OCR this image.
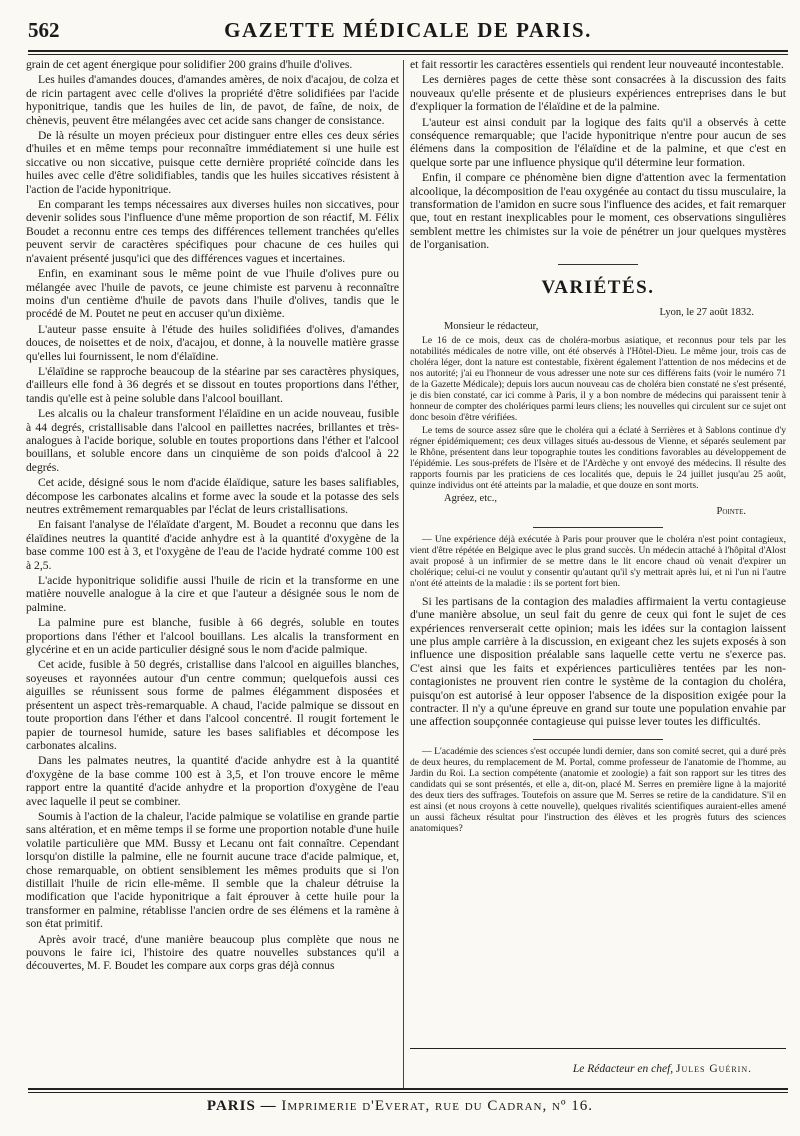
562	GAZETTE MÉDICALE DE PARIS.

grain de cet agent énergique pour solidifier 200 grains d'huile d'olives.

Les huiles d'amandes douces, d'amandes amères, de noix d'acajou, de colza et de ricin partagent avec celle d'olives la propriété d'être solidifiées par l'acide hyponitrique, tandis que les huiles de lin, de pavot, de faîne, de noix, de chènevis, peuvent être mélangées avec cet acide sans changer de consistance.

De là résulte un moyen précieux pour distinguer entre elles ces deux séries d'huiles et en même temps pour reconnaître immédiatement si une huile est siccative ou non siccative, puisque cette dernière propriété coïncide dans les huiles avec celle d'être solidifiables, tandis que les huiles siccatives résistent à l'action de l'acide hyponitrique.

En comparant les temps nécessaires aux diverses huiles non siccatives, pour devenir solides sous l'influence d'une même proportion de son réactif, M. Félix Boudet a reconnu entre ces temps des différences tellement tranchées qu'elles peuvent servir de caractères spécifiques pour chacune de ces huiles qui n'avaient présenté jusqu'ici que des différences vagues et incertaines.

Enfin, en examinant sous le même point de vue l'huile d'olives pure ou mélangée avec l'huile de pavots, ce jeune chimiste est parvenu à reconnaître moins d'un centième d'huile de pavots dans l'huile d'olives, tandis que le procédé de M. Poutet ne peut en accuser qu'un dixième.

L'auteur passe ensuite à l'étude des huiles solidifiées d'olives, d'amandes douces, de noisettes et de noix, d'acajou, et donne, à la nouvelle matière grasse qu'elles lui fournissent, le nom d'élaïdine.

L'élaïdine se rapproche beaucoup de la stéarine par ses caractères physiques, d'ailleurs elle fond à 36 degrés et se dissout en toutes proportions dans l'éther, tandis qu'elle est à peine soluble dans l'alcool bouillant.

Les alcalis ou la chaleur transforment l'élaïdine en un acide nouveau, fusible à 44 degrés, cristallisable dans l'alcool en paillettes nacrées, brillantes et très-analogues à l'acide borique, soluble en toutes proportions dans l'éther et l'alcool bouillans, et soluble encore dans un cinquième de son poids d'alcool à 22 degrés.

Cet acide, désigné sous le nom d'acide élaïdique, sature les bases salifiables, décompose les carbonates alcalins et forme avec la soude et la potasse des sels neutres extrêmement remarquables par l'éclat de leurs cristallisations.

En faisant l'analyse de l'élaïdate d'argent, M. Boudet a reconnu que dans les élaïdines neutres la quantité d'acide anhydre est à la quantité d'oxygène de la base comme 100 est à 3, et l'oxygène de l'eau de l'acide hydraté comme 100 est à 2,5.

L'acide hyponitrique solidifie aussi l'huile de ricin et la transforme en une matière nouvelle analogue à la cire et que l'auteur a désignée sous le nom de palmine.

La palmine pure est blanche, fusible à 66 degrés, soluble en toutes proportions dans l'éther et l'alcool bouillans. Les alcalis la transforment en glycérine et en un acide particulier désigné sous le nom d'acide palmique.

Cet acide, fusible à 50 degrés, cristallise dans l'alcool en aiguilles blanches, soyeuses et rayonnées autour d'un centre commun; quelquefois aussi ces aiguilles se réunissent sous forme de palmes élégamment disposées et présentent un aspect très-remarquable. A chaud, l'acide palmique se dissout en toute proportion dans l'éther et dans l'alcool concentré. Il rougit fortement le papier de tournesol humide, sature les bases salifiables et décompose les carbonates alcalins.

Dans les palmates neutres, la quantité d'acide anhydre est à la quantité d'oxygène de la base comme 100 est à 3,5, et l'on trouve encore le même rapport entre la quantité d'acide anhydre et la proportion d'oxygène de l'eau avec laquelle il peut se combiner.

Soumis à l'action de la chaleur, l'acide palmique se volatilise en grande partie sans altération, et en même temps il se forme une proportion notable d'une huile volatile particulière que MM. Bussy et Lecanu ont fait connaître. Cependant lorsqu'on distille la palmine, elle ne fournit aucune trace d'acide palmique, et, chose remarquable, on obtient sensiblement les mêmes produits que si l'on distillait l'huile de ricin elle-même. Il semble que la chaleur détruise la modification que l'acide hyponitrique a fait éprouver à cette huile pour la transformer en palmine, rétablisse l'ancien ordre de ses élémens et la ramène à son état primitif.

Après avoir tracé, d'une manière beaucoup plus complète que nous ne pouvons le faire ici, l'histoire des quatre nouvelles substances qu'il a découvertes, M. F. Boudet les compare aux corps gras déjà connus

et fait ressortir les caractères essentiels qui rendent leur nouveauté incontestable.

Les dernières pages de cette thèse sont consacrées à la discussion des faits nouveaux qu'elle présente et de plusieurs expériences entreprises dans le but d'expliquer la formation de l'élaïdine et de la palmine.

L'auteur est ainsi conduit par la logique des faits qu'il a observés à cette conséquence remarquable; que l'acide hyponitrique n'entre pour aucun de ses élémens dans la composition de l'élaïdine et de la palmine, et que c'est en quelque sorte par une influence physique qu'il détermine leur formation.

Enfin, il compare ce phénomène bien digne d'attention avec la fermentation alcoolique, la décomposition de l'eau oxygénée au contact du tissu musculaire, la transformation de l'amidon en sucre sous l'influence des acides, et fait remarquer que, tout en restant inexplicables pour le moment, ces observations singulières semblent mettre les chimistes sur la voie de pénétrer un jour quelques mystères de l'organisation.

VARIÉTÉS.
Lyon, le 27 août 1832.
Monsieur le rédacteur,

Le 16 de ce mois, deux cas de choléra-morbus asiatique, et reconnus pour tels par les notabilités médicales de notre ville, ont été observés à l'Hôtel-Dieu. Le même jour, trois cas de choléra léger, dont la nature est contestable, fixèrent également l'attention de nos médecins et de nos autorité; j'ai eu l'honneur de vous adresser une note sur ces différens faits (voir le numéro 71 de la Gazette Médicale); depuis lors aucun nouveau cas de choléra bien constaté ne s'est présenté, je dis bien constaté, car ici comme à Paris, il y a bon nombre de médecins qui paraissent tenir à honneur de compter des cholériques parmi leurs cliens; les nouvelles qui circulent sur ce sujet ont donc besoin d'être vérifiées.

Le tems de source assez sûre que le choléra qui a éclaté à Serrières et à Sablons continue d'y régner épidémiquement; ces deux villages situés au-dessous de Vienne, et séparés seulement par le Rhône, présentent dans leur topographie toutes les conditions favorables au développement de l'épidémie. Les sous-préfets de l'Isère et de l'Ardèche y ont envoyé des médecins. Il résulte des rapports fournis par les praticiens de ces localités que, depuis le 24 juillet jusqu'au 25 août, quinze individus ont été atteints par la maladie, et que douze en sont morts.

Agréez, etc.,
Pointe.

— Une expérience déjà exécutée à Paris pour prouver que le choléra n'est point contagieux, vient d'être répétée en Belgique avec le plus grand succès. Un médecin attaché à l'hôpital d'Alost avait proposé à un infirmier de se mettre dans le lit encore chaud où venait d'expirer un cholérique; celui-ci ne voulut y consentir qu'autant qu'il s'y mettrait après lui, et ni l'un ni l'autre n'ont été atteints de la maladie : ils se portent fort bien.

Si les partisans de la contagion des maladies affirmaient la vertu contagieuse d'une manière absolue, un seul fait du genre de ceux qui font le sujet de ces expériences renverserait cette opinion; mais les idées sur la contagion laissent une plus ample carrière à la discussion, en exigeant chez les sujets exposés à son influence une disposition préalable sans laquelle cette vertu ne s'exerce pas. C'est ainsi que les faits et expériences particulières tentées par les non-contagionistes ne prouvent rien contre le système de la contagion du choléra, puisqu'on est autorisé à leur opposer l'absence de la disposition exigée pour la contracter. Il n'y a qu'une épreuve en grand sur toute une population envahie par une affection soupçonnée contagieuse qui puisse lever toutes les difficultés.

— L'académie des sciences s'est occupée lundi dernier, dans son comité secret, qui a duré près de deux heures, du remplacement de M. Portal, comme professeur de l'anatomie de l'homme, au Jardin du Roi. La section compétente (anatomie et zoologie) a fait son rapport sur les titres des candidats qui se sont présentés, et elle a, dit-on, placé M. Serres en première ligne à la majorité des deux tiers des suffrages. Toutefois on assure que M. Serres se retire de la candidature. S'il en est ainsi (et nous croyons à cette nouvelle), quelques rivalités scientifiques auraient-elles amené un aussi fâcheux résultat pour l'instruction des élèves et les progrès futurs des sciences anatomiques?

Le Rédacteur en chef, Jules Guérin.
PARIS — Imprimerie d'Everat, rue du Cadran, nº 16.
